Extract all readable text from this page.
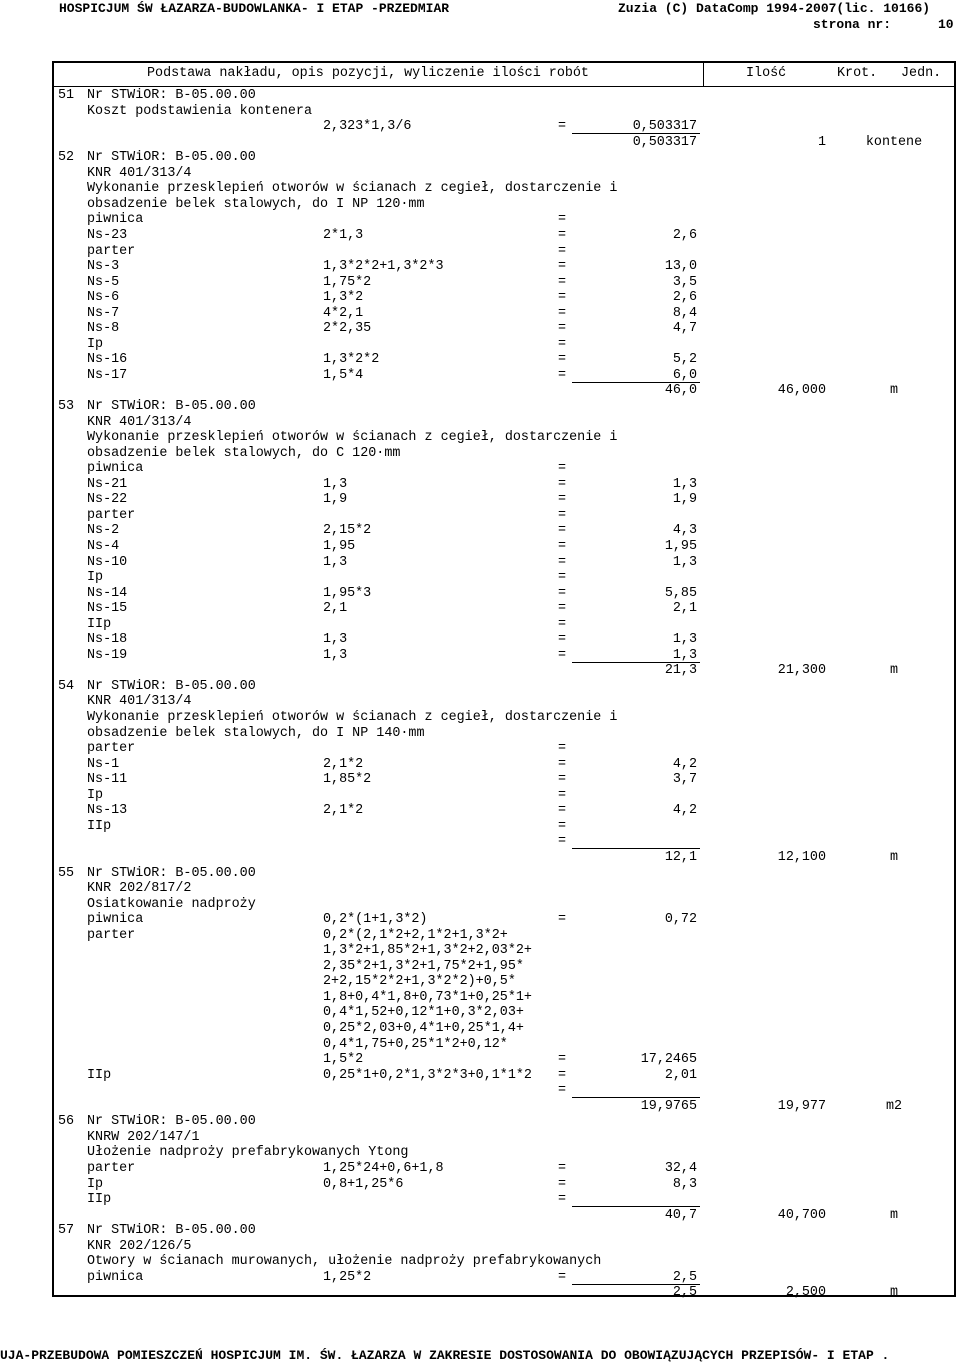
HOSPICJUM ŚW ŁAZARZA-BUDOWLANKA- I ETAP -PRZEDMIAR	Zuzia (C) DataComp 1994-2007(lic. 10166)
strona nr:	10
Podstawa nakładu, opis pozycji, wyliczenie ilości robót	Ilość	Krot. Jedn.
51 Nr STWiOR: B-05.00.00
Koszt podstawienia kontenera
2,323*1,3/6	=	0,503317
0,503317	1	kontene
52 Nr STWiOR: B-05.00.00
KNR 401/313/4
Wykonanie przesklepień otworów w ścianach z cegieł, dostarczenie i
obsadzenie belek stalowych, do I NP 120·mm
piwnica	=
Ns-23	2*1,3	=	2,6
parter	=
Ns-3	1,3*2*2+1,3*2*3	=	13,0
Ns-5	1,75*2	=	3,5
Ns-6	1,3*2	=	2,6
Ns-7	4*2,1	=	8,4
Ns-8	2*2,35	=	4,7
Ip	=
Ns-16	1,3*2*2	=	5,2
Ns-17	1,5*4	=	6,0
46,0	46,000	m
53 Nr STWiOR: B-05.00.00
KNR 401/313/4
Wykonanie przesklepień otworów w ścianach z cegieł, dostarczenie i
obsadzenie belek stalowych, do C 120·mm
piwnica	=
Ns-21	1,3	=	1,3
Ns-22	1,9	=	1,9
parter	=
Ns-2	2,15*2	=	4,3
Ns-4	1,95	=	1,95
Ns-10	1,3	=	1,3
Ip	=
Ns-14	1,95*3	=	5,85
Ns-15	2,1	=	2,1
IIp	=
Ns-18	1,3	=	1,3
Ns-19	1,3	=	1,3
21,3	21,300	m
54 Nr STWiOR: B-05.00.00
KNR 401/313/4
Wykonanie przesklepień otworów w ścianach z cegieł, dostarczenie i
obsadzenie belek stalowych, do I NP 140·mm
parter	=
Ns-1	2,1*2	=	4,2
Ns-11	1,85*2	=	3,7
Ip	=
Ns-13	2,1*2	=	4,2
IIp	=
=
12,1	12,100	m
55 Nr STWiOR: B-05.00.00
KNR 202/817/2
Osiatkowanie nadproży
piwnica	0,2*(1+1,3*2)	=	0,72
parter	0,2*(2,1*2+2,1*2+1,3*2+
1,3*2+1,85*2+1,3*2+2,03*2+
2,35*2+1,3*2+1,75*2+1,95*
2+2,15*2*2+1,3*2*2)+0,5*
1,8+0,4*1,8+0,73*1+0,25*1+
0,4*1,52+0,12*1+0,3*2,03+
0,25*2,03+0,4*1+0,25*1,4+
0,4*1,75+0,25*1*2+0,12*
1,5*2	=	17,2465
IIp	0,25*1+0,2*1,3*2*3+0,1*1*2 =	2,01
=
19,9765	19,977	m2
56 Nr STWiOR: B-05.00.00
KNRW 202/147/1
Ułożenie nadproży prefabrykowanych Ytong
parter	1,25*24+0,6+1,8	=	32,4
Ip	0,8+1,25*6	=	8,3
IIp	=
40,7	40,700	m
57 Nr STWiOR: B-05.00.00
KNR 202/126/5
Otwory w ścianach murowanych, ułożenie nadproży prefabrykowanych
piwnica	1,25*2	=	2,5
2,5	2,500	m
UJA-PRZEBUDOWA POMIESZCZEŃ HOSPICJUM IM. ŚW. ŁAZARZA W ZAKRESIE DOSTOSOWANIA DO OBOWIĄZUJĄCYCH PRZEPISÓW- I ETAP .
